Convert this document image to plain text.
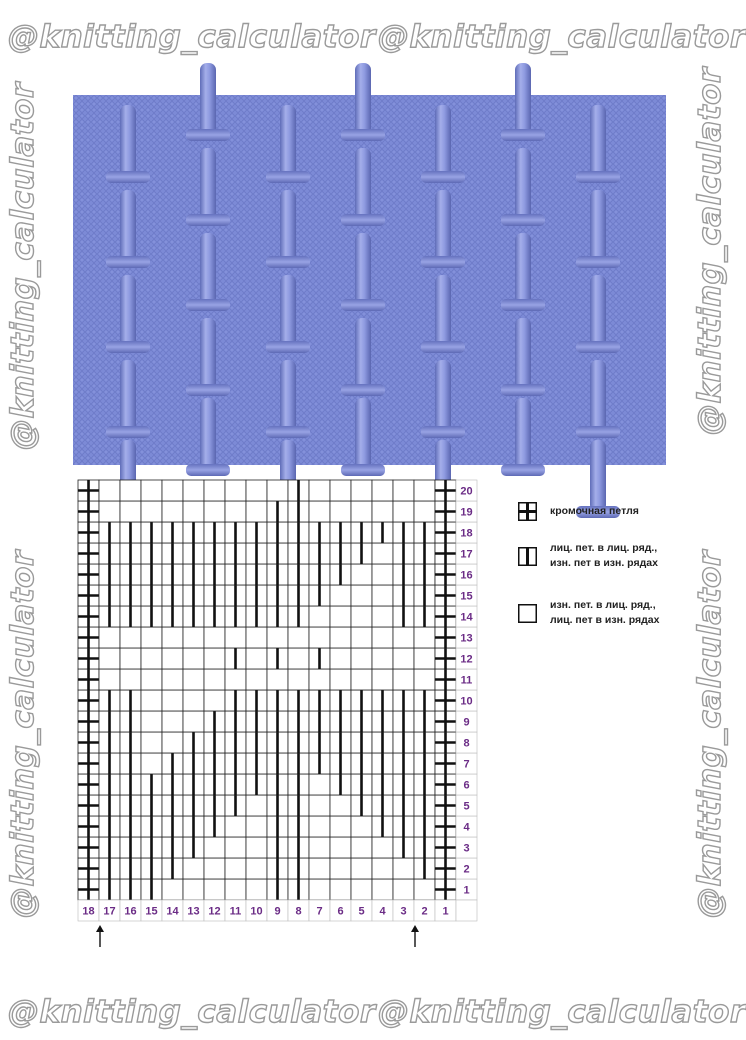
@knitting_calculator @knitting_calculator
@knitting_calculator @knitting_calculator
@knitting_calculator
@knitting_calculator
@knitting_calculator
@knitting_calculator
1
2
3
4
5
6
7
8
9
10
11
12
13
14
15
16
17
18
19
20
18 17 16 15 14 13 12 11 10 9 8 7 6 5 4 3 2 1
кромочная петля
лиц. пет. в лиц. ряд.,
изн. пет в изн. рядах
изн. пет. в лиц. ряд.,
лиц. пет в изн. рядах
